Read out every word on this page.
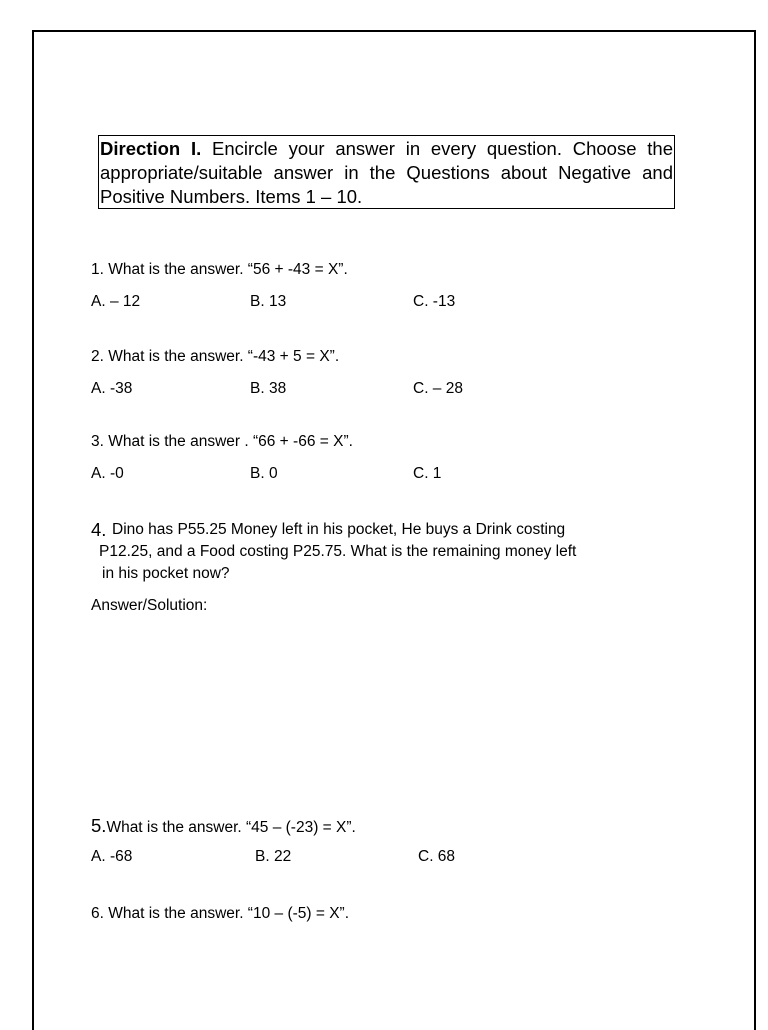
Direction I. Encircle your answer in every question. Choose the appropriate/suitable answer in the Questions about Negative and Positive Numbers. Items 1 – 10.
1. What is the answer. “56 + -43 = X”.
A. – 12	B. 13	C. -13
2. What is the answer. “-43 + 5 = X”.
A. -38	B. 38	C. – 28
3. What is the answer . “66 + -66 = X”.
A. -0	B. 0	C. 1
4. Dino has P55.25 Money left in his pocket, He buys a Drink costing
P12.25, and a Food costing P25.75. What is the remaining money left
in his pocket now?
Answer/Solution:
5.What is the answer. “45 – (-23) = X”.
A. -68	B. 22	C. 68
6. What is the answer. “10 – (-5) = X”.
